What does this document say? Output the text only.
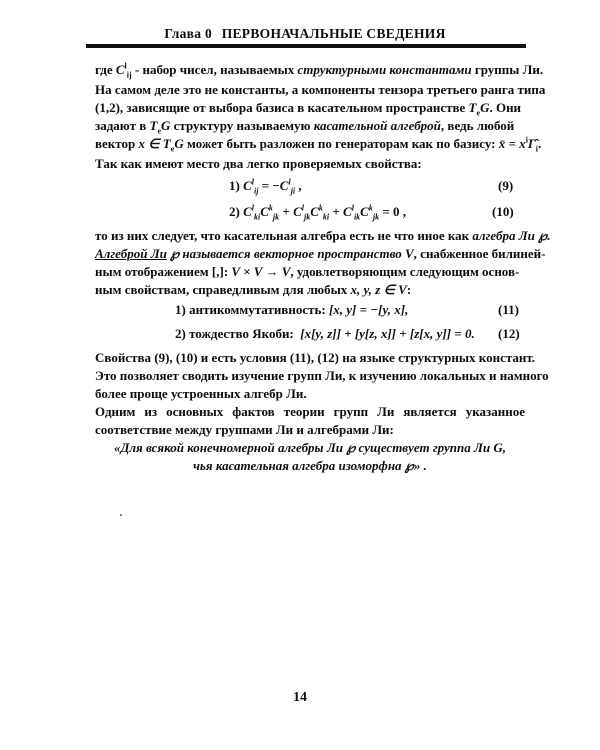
Глава 0 ПЕРВОНАЧАЛЬНЫЕ СВЕДЕНИЯ
где $C^l_{ij}$ - набор чисел, называемых структурными константами группы Ли.
На самом деле это не константы, а компоненты тензора третьего ранга типа
(1,2), зависящие от выбора базиса в касательном пространстве $T_eG$. Они
задают в $T_eG$ структуру называемую касательной алгеброй, ведь любой
вектор x ∈ $T_eG$ может быть разложен по генераторам как по базису: x̄ = $x^i\Gammâ_i$.
Так как имеют место два легко проверяемых свойства:
1) $C^l_{ij} = -C^l_{ji}$ ,	(9)
2) $C^l_{ki}C^k_{jk} + C^l_{jk}C^k_{ki} + C^l_{ik}C^k_{jk} = 0$ ,	(10)
то из них следует, что касательная алгебра есть не что иное как алгебра Ли ℘.
Алгеброй Ли ℘ называется векторное пространство V, снабженное билиней-
ным отображением [,]: V × V → V, удовлетворяющим следующим основ-
ным свойствам, справедливым для любых x, y, z ∈ V:
1) антикоммутативность: [x, y] = −[y, x],	(11)
2) тождество Якоби: [x[y, z]] + [y[z, x]] + [z[x, y]] = 0. (12)
Свойства (9), (10) и есть условия (11), (12) на языке структурных констант.
Это позволяет сводить изучение групп Ли, к изучению локальных и намного
более проще устроенных алгебр Ли.
Одним из основных фактов теории групп Ли является указанное
соответствие между группами Ли и алгебрами Ли:
«Для всякой конечномерной алгебры Ли ℘ существует группа Ли G,
чья касательная алгебра изоморфна ℘» .
14
